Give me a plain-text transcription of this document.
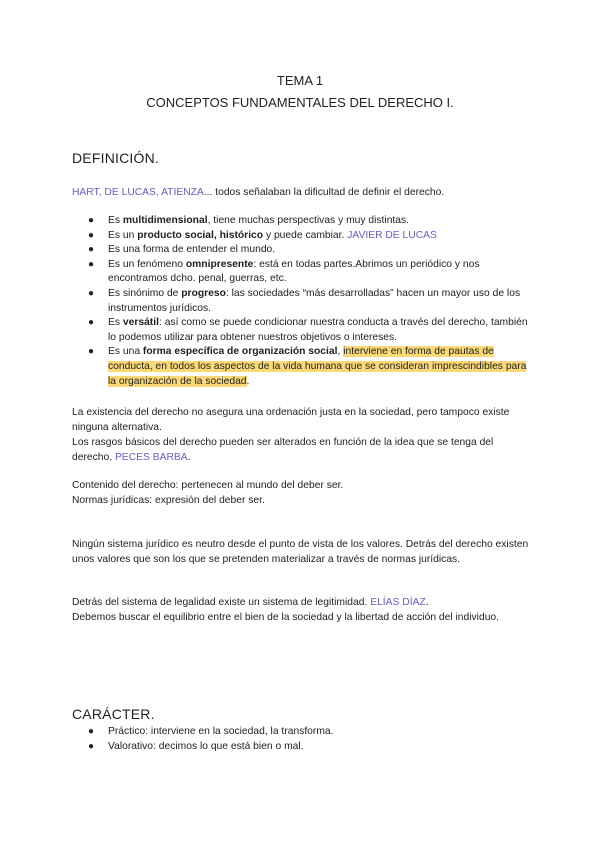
TEMA 1
CONCEPTOS FUNDAMENTALES DEL DERECHO I.
DEFINICIÓN.
HART, DE LUCAS, ATIENZA... todos señalaban la dificultad de definir el derecho.
● Es multidimensional, tiene muchas perspectivas y muy distintas.
● Es un producto social, histórico y puede cambiar. JAVIER DE LUCAS
● Es una forma de entender el mundo.
● Es un fenómeno omnipresente: está en todas partes.Abrimos un periódico y nos encontramos dcho. penal, guerras, etc.
● Es sinónimo de progreso: las sociedades “más desarrolladas” hacen un mayor uso de los instrumentos jurídicos.
● Es versátil: así como se puede condicionar nuestra conducta a través del derecho, también lo podemos utilizar para obtener nuestros objetivos o intereses.
● Es una forma específica de organización social, interviene en forma de pautas de conducta, en todos los aspectos de la vida humana que se consideran imprescindibles para la organización de la sociedad.
La existencia del derecho no asegura una ordenación justa en la sociedad, pero tampoco existe ninguna alternativa.
Los rasgos básicos del derecho pueden ser alterados en función de la idea que se tenga del derecho. PECES BARBA.
Contenido del derecho: pertenecen al mundo del deber ser.
Normas jurídicas: expresión del deber ser.
Ningún sistema jurídico es neutro desde el punto de vista de los valores. Detrás del derecho existen unos valores que son los que se pretenden materializar a través de normas jurídicas.
Detrás del sistema de legalidad existe un sistema de legitimidad. ELÍAS DÍAZ.
Debemos buscar el equilibrio entre el bien de la sociedad y la libertad de acción del individuo.
CARÁCTER.
● Práctico: interviene en la sociedad, la transforma.
● Valorativo: decimos lo que está bien o mal.
